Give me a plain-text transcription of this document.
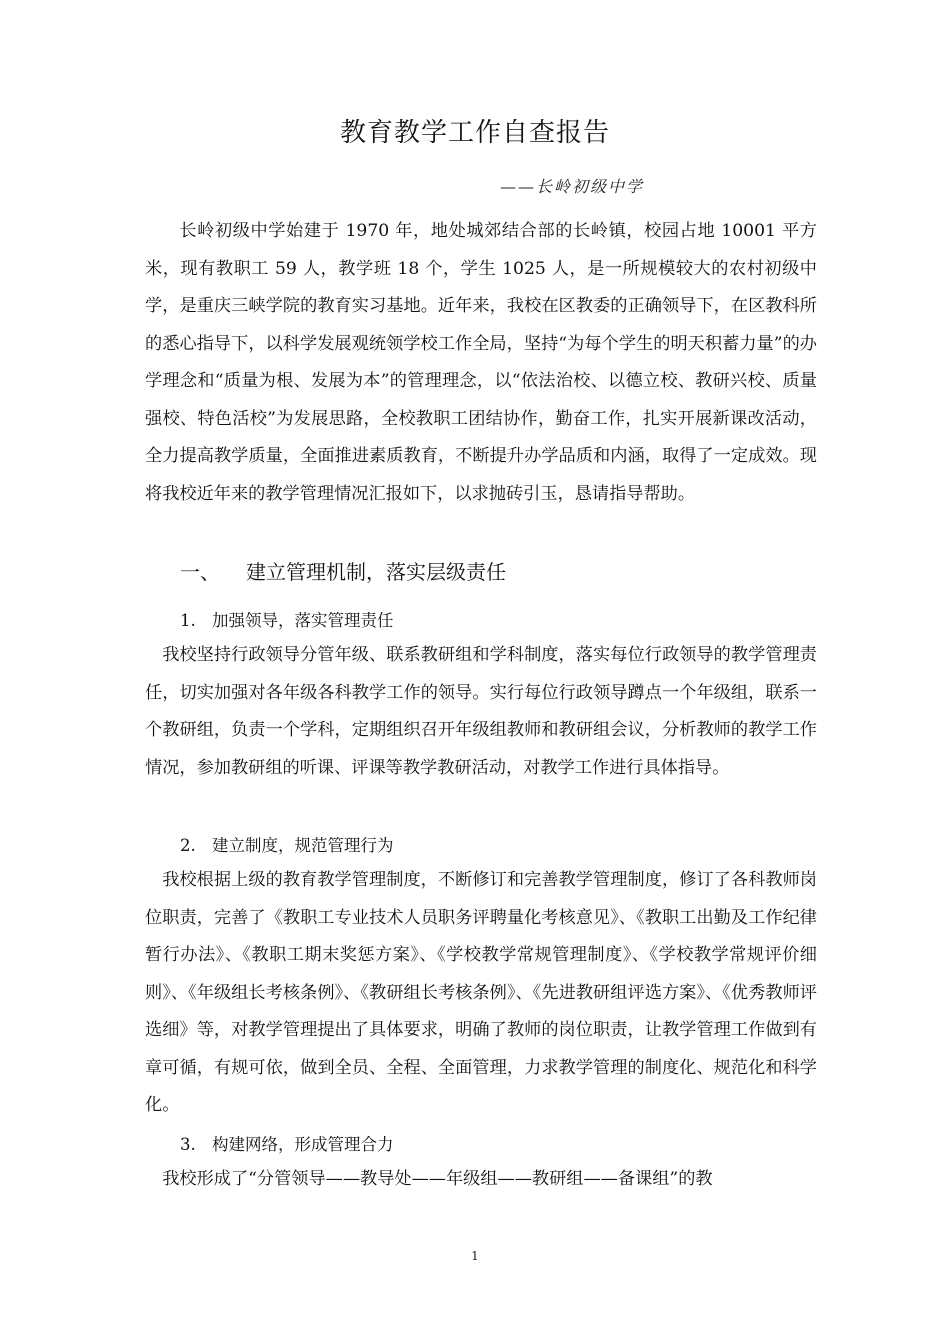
教育教学工作自查报告
——长岭初级中学
长岭初级中学始建于 1970 年，地处城郊结合部的长岭镇，校园占地 10001 平方米，现有教职工 59 人，教学班 18 个，学生 1025 人，是一所规模较大的农村初级中学，是重庆三峡学院的教育实习基地。近年来，我校在区教委的正确领导下，在区教科所的悉心指导下，以科学发展观统领学校工作全局，坚持“为每个学生的明天积蓄力量”的办学理念和“质量为根、发展为本”的管理理念，以“依法治校、以德立校、教研兴校、质量强校、特色活校”为发展思路，全校教职工团结协作，勤奋工作，扎实开展新课改活动，全力提高教学质量，全面推进素质教育，不断提升办学品质和内涵，取得了一定成效。现将我校近年来的教学管理情况汇报如下，以求抛砖引玉，恳请指导帮助。
一、 建立管理机制，落实层级责任
1. 加强领导，落实管理责任
我校坚持行政领导分管年级、联系教研组和学科制度，落实每位行政领导的教学管理责任，切实加强对各年级各科教学工作的领导。实行每位行政领导蹲点一个年级组，联系一个教研组，负责一个学科，定期组织召开年级组教师和教研组会议，分析教师的教学工作情况，参加教研组的听课、评课等教学教研活动，对教学工作进行具体指导。
2. 建立制度，规范管理行为
我校根据上级的教育教学管理制度，不断修订和完善教学管理制度，修订了各科教师岗位职责，完善了《教职工专业技术人员职务评聘量化考核意见》、《教职工出勤及工作纪律暂行办法》、《教职工期末奖惩方案》、《学校教学常规管理制度》、《学校教学常规评价细则》、《年级组长考核条例》、《教研组长考核条例》、《先进教研组评选方案》、《优秀教师评选细》等，对教学管理提出了具体要求，明确了教师的岗位职责，让教学管理工作做到有章可循，有规可依，做到全员、全程、全面管理，力求教学管理的制度化、规范化和科学化。
3. 构建网络，形成管理合力
我校形成了“分管领导——教导处——年级组——教研组——备课组”的教
1
